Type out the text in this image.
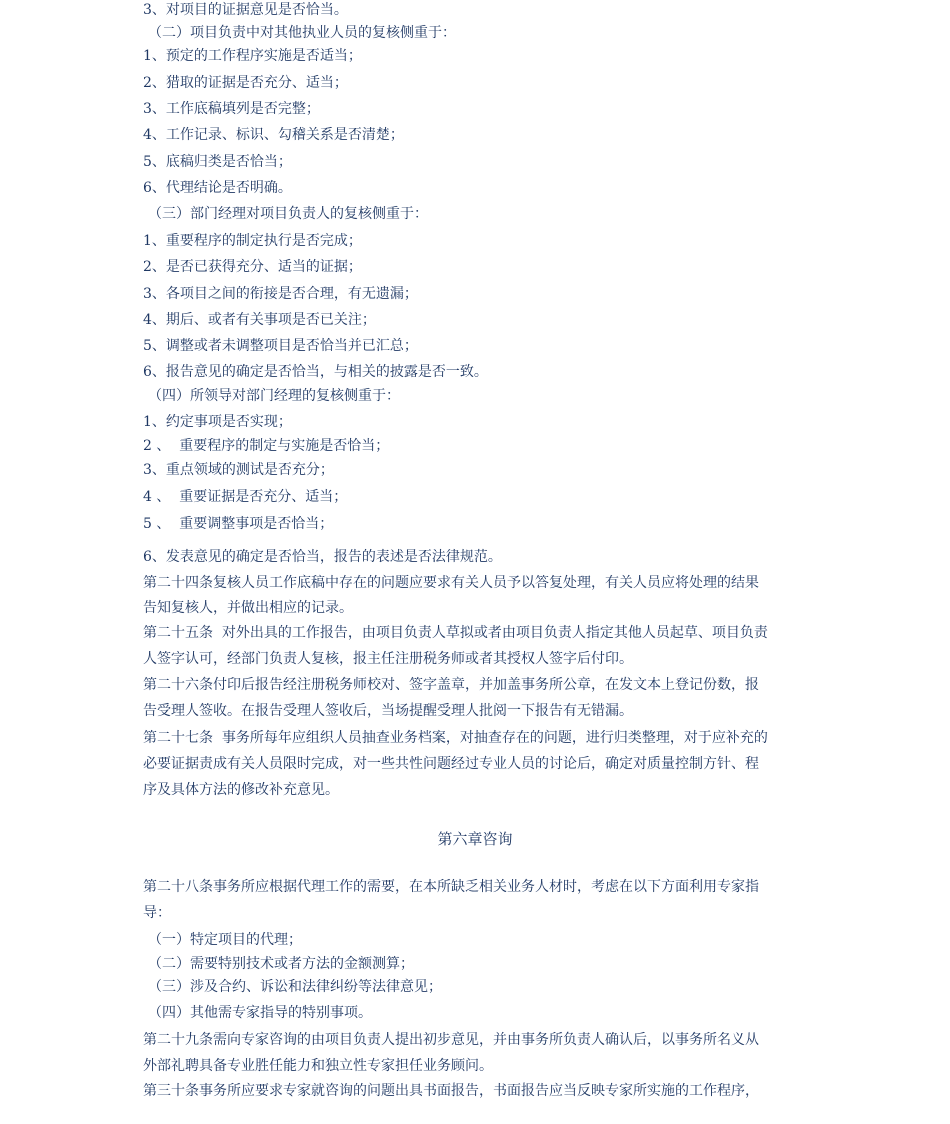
3、对项目的证据意见是否恰当。
（二）项目负责中对其他执业人员的复核侧重于：
1、预定的工作程序实施是否适当；
2、猎取的证据是否充分、适当；
3、工作底稿填列是否完整；
4、工作记录、标识、勾稽关系是否清楚；
5、底稿归类是否恰当；
6、代理结论是否明确。
（三）部门经理对项目负责人的复核侧重于：
1、重要程序的制定执行是否完成；
2、是否已获得充分、适当的证据；
3、各项目之间的衔接是否合理，有无遗漏；
4、期后、或者有关事项是否已关注；
5、调整或者未调整项目是否恰当并已汇总；
6、报告意见的确定是否恰当，与相关的披露是否一致。
（四）所领导对部门经理的复核侧重于：
1、约定事项是否实现；
2 、  重要程序的制定与实施是否恰当；
3、重点领域的测试是否充分；
4 、  重要证据是否充分、适当；
5 、  重要调整事项是否恰当；
6、发表意见的确定是否恰当，报告的表述是否法律规范。
第二十四条复核人员工作底稿中存在的问题应要求有关人员予以答复处理，有关人员应将处理的结果
告知复核人，并做出相应的记录。
第二十五条  对外出具的工作报告，由项目负责人草拟或者由项目负责人指定其他人员起草、项目负责
人签字认可，经部门负责人复核，报主任注册税务师或者其授权人签字后付印。
第二十六条付印后报告经注册税务师校对、签字盖章，并加盖事务所公章，在发文本上登记份数，报
告受理人签收。在报告受理人签收后，当场提醒受理人批阅一下报告有无错漏。
第二十七条  事务所每年应组织人员抽查业务档案，对抽查存在的问题，进行归类整理，对于应补充的
必要证据责成有关人员限时完成，对一些共性问题经过专业人员的讨论后，确定对质量控制方针、程
序及具体方法的修改补充意见。
第六章咨询
第二十八条事务所应根据代理工作的需要，在本所缺乏相关业务人材时，考虑在以下方面利用专家指
导：
（一）特定项目的代理；
（二）需要特别技术或者方法的金额测算；
（三）涉及合约、诉讼和法律纠纷等法律意见；
（四）其他需专家指导的特别事项。
第二十九条需向专家咨询的由项目负责人提出初步意见，并由事务所负责人确认后，以事务所名义从
外部礼聘具备专业胜任能力和独立性专家担任业务顾问。
第三十条事务所应要求专家就咨询的问题出具书面报告，书面报告应当反映专家所实施的工作程序，
